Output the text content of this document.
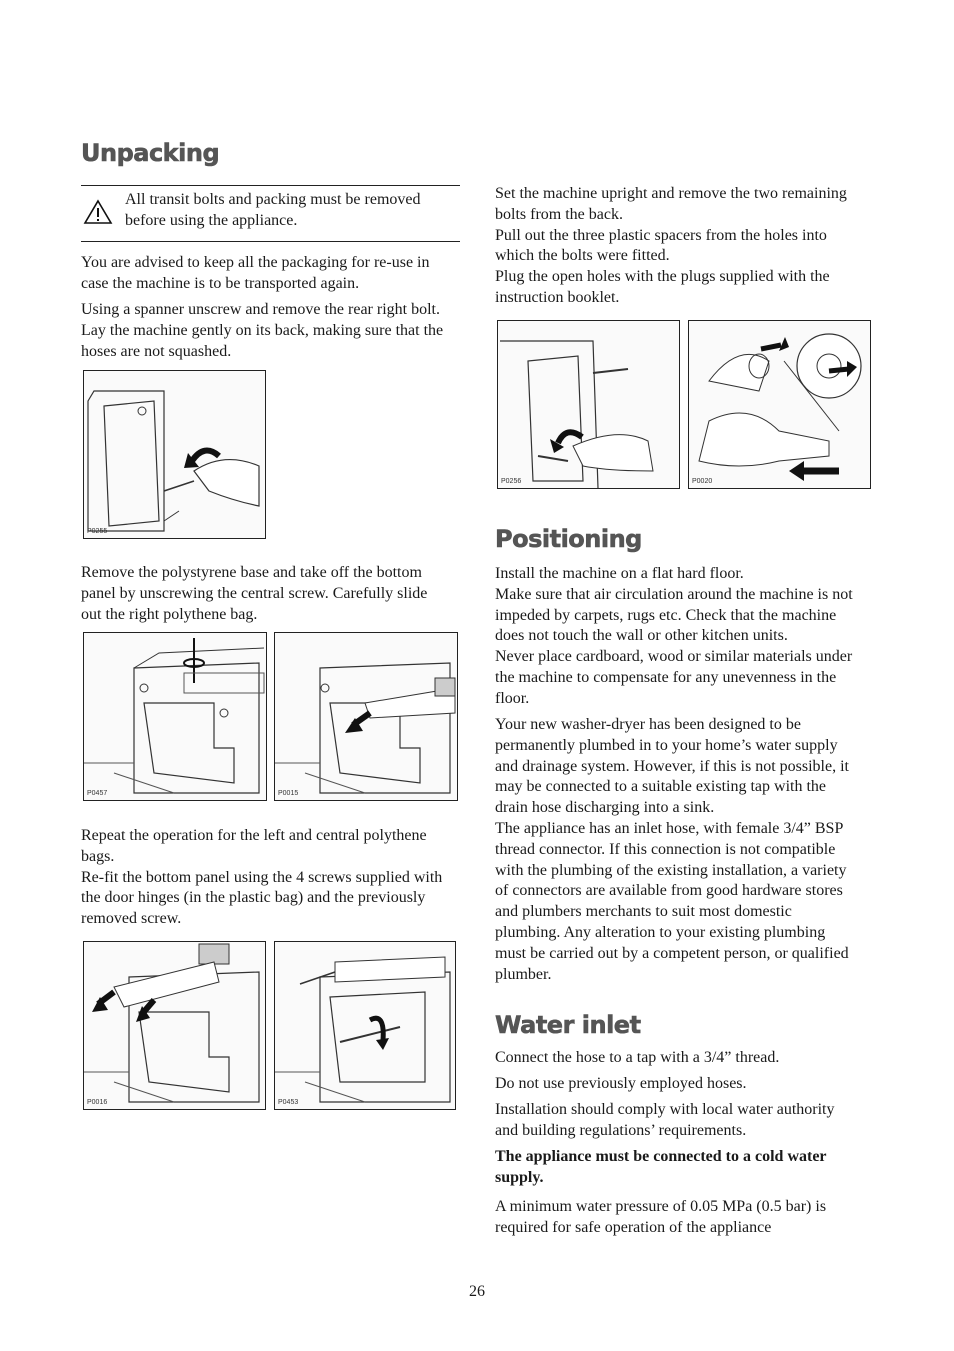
Unpacking
All transit bolts and packing must be removed before using the appliance.
You are advised to keep all the packaging for re-use in
case the machine is to be transported again.
Using a spanner unscrew and remove the rear right bolt.
Lay the machine gently on its back, making sure that the
hoses are not squashed.
P0255
Remove the polystyrene base and take off the bottom
panel by unscrewing the central screw. Carefully slide
out the right polythene bag.
P0457	P0015
Repeat the operation for the left and central polythene
bags.
Re-fit the bottom panel using the 4 screws supplied with
the door hinges (in the plastic bag) and the previously
removed screw.
P0016	P0453
Set the machine upright and remove the two remaining
bolts from the back.
Pull out the three plastic spacers from the holes into
which the bolts were fitted.
Plug the open holes with the plugs supplied with the
instruction booklet.
P0256	P0020
Positioning
Install the machine on a flat hard floor.
Make sure that air circulation around the machine is not
impeded by carpets, rugs etc. Check that the machine
does not touch the wall or other kitchen units.
Never place cardboard, wood or similar materials under
the machine to compensate for any unevenness in the
floor.
Your new washer-dryer has been designed to be
permanently plumbed in to your home’s water supply
and drainage system. However, if this is not possible, it
may be connected to a suitable existing tap with the
drain hose discharging into a sink.
The appliance has an inlet hose, with female 3/4” BSP
thread connector. If this connection is not compatible
with the plumbing of the existing installation, a variety
of connectors are available from good hardware stores
and plumbers merchants to suit most domestic
plumbing. Any alteration to your existing plumbing
must be carried out by a competent person, or qualified
plumber.
Water inlet
Connect the hose to a tap with a 3/4” thread.
Do not use previously employed hoses.
Installation should comply with local water authority
and building regulations’ requirements.
The appliance must be connected to a cold water
supply.
A minimum water pressure of 0.05 MPa (0.5 bar) is
required for safe operation of the appliance
26
